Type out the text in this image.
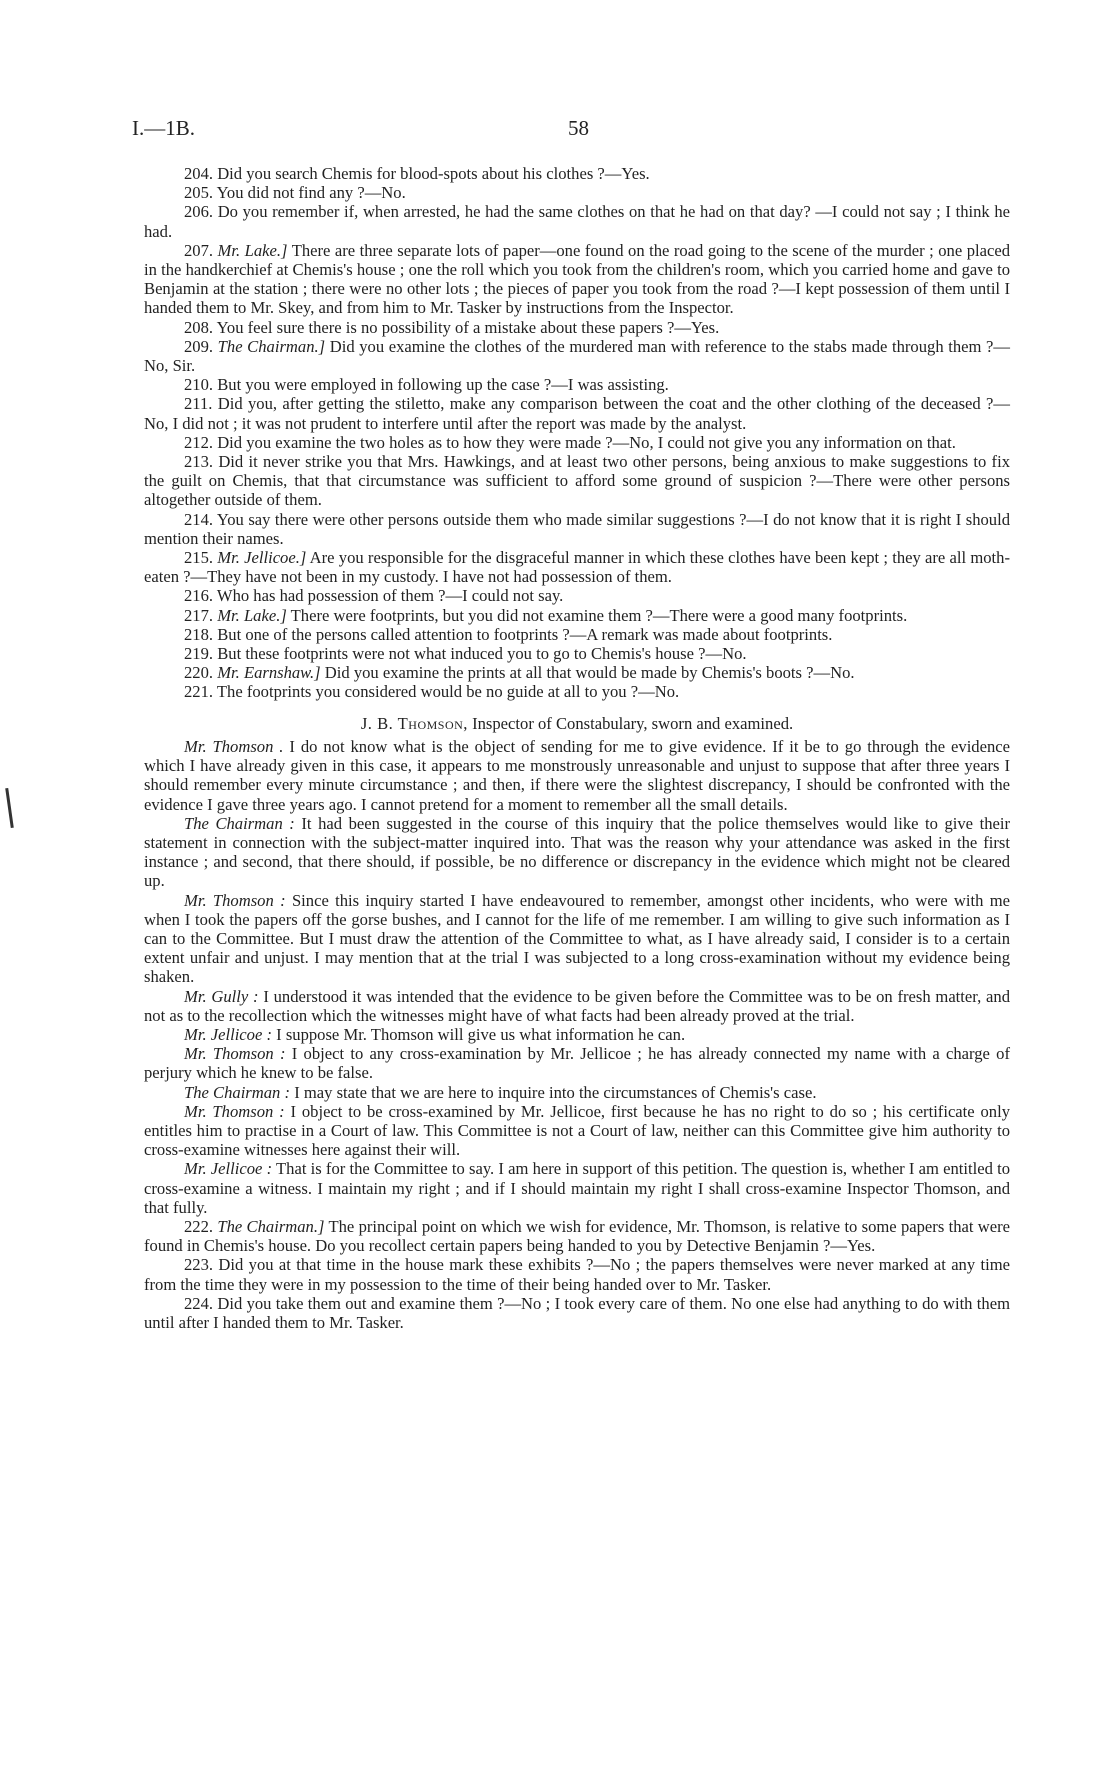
I.—1B.	58

204. Did you search Chemis for blood-spots about his clothes ?—Yes.

205. You did not find any ?—No.

206. Do you remember if, when arrested, he had the same clothes on that he had on that day? —I could not say ; I think he had.

207. Mr. Lake.] There are three separate lots of paper—one found on the road going to the scene of the murder ; one placed in the handkerchief at Chemis's house ; one the roll which you took from the children's room, which you carried home and gave to Benjamin at the station ; there were no other lots ; the pieces of paper you took from the road ?—I kept possession of them until I handed them to Mr. Skey, and from him to Mr. Tasker by instructions from the Inspector.

208. You feel sure there is no possibility of a mistake about these papers ?—Yes.

209. The Chairman.] Did you examine the clothes of the murdered man with reference to the stabs made through them ?—No, Sir.

210. But you were employed in following up the case ?—I was assisting.

211. Did you, after getting the stiletto, make any comparison between the coat and the other clothing of the deceased ?—No, I did not ; it was not prudent to interfere until after the report was made by the analyst.

212. Did you examine the two holes as to how they were made ?—No, I could not give you any information on that.

213. Did it never strike you that Mrs. Hawkings, and at least two other persons, being anxious to make suggestions to fix the guilt on Chemis, that that circumstance was sufficient to afford some ground of suspicion ?—There were other persons altogether outside of them.

214. You say there were other persons outside them who made similar suggestions ?—I do not know that it is right I should mention their names.

215. Mr. Jellicoe.] Are you responsible for the disgraceful manner in which these clothes have been kept ; they are all moth-eaten ?—They have not been in my custody. I have not had possession of them.

216. Who has had possession of them ?—I could not say.

217. Mr. Lake.] There were footprints, but you did not examine them ?—There were a good many footprints.

218. But one of the persons called attention to footprints ?—A remark was made about footprints.

219. But these footprints were not what induced you to go to Chemis's house ?—No.

220. Mr. Earnshaw.] Did you examine the prints at all that would be made by Chemis's boots ?—No.

221. The footprints you considered would be no guide at all to you ?—No.

J. B. Thomson, Inspector of Constabulary, sworn and examined.

Mr. Thomson . I do not know what is the object of sending for me to give evidence. If it be to go through the evidence which I have already given in this case, it appears to me monstrously unreasonable and unjust to suppose that after three years I should remember every minute circumstance ; and then, if there were the slightest discrepancy, I should be confronted with the evidence I gave three years ago. I cannot pretend for a moment to remember all the small details.

The Chairman : It had been suggested in the course of this inquiry that the police themselves would like to give their statement in connection with the subject-matter inquired into. That was the reason why your attendance was asked in the first instance ; and second, that there should, if possible, be no difference or discrepancy in the evidence which might not be cleared up.

Mr. Thomson : Since this inquiry started I have endeavoured to remember, amongst other incidents, who were with me when I took the papers off the gorse bushes, and I cannot for the life of me remember. I am willing to give such information as I can to the Committee. But I must draw the attention of the Committee to what, as I have already said, I consider is to a certain extent unfair and unjust. I may mention that at the trial I was subjected to a long cross-examination without my evidence being shaken.

Mr. Gully : I understood it was intended that the evidence to be given before the Committee was to be on fresh matter, and not as to the recollection which the witnesses might have of what facts had been already proved at the trial.

Mr. Jellicoe : I suppose Mr. Thomson will give us what information he can.

Mr. Thomson : I object to any cross-examination by Mr. Jellicoe ; he has already connected my name with a charge of perjury which he knew to be false.

The Chairman : I may state that we are here to inquire into the circumstances of Chemis's case.

Mr. Thomson : I object to be cross-examined by Mr. Jellicoe, first because he has no right to do so ; his certificate only entitles him to practise in a Court of law. This Committee is not a Court of law, neither can this Committee give him authority to cross-examine witnesses here against their will.

Mr. Jellicoe : That is for the Committee to say. I am here in support of this petition. The question is, whether I am entitled to cross-examine a witness. I maintain my right ; and if I should maintain my right I shall cross-examine Inspector Thomson, and that fully.

222. The Chairman.] The principal point on which we wish for evidence, Mr. Thomson, is relative to some papers that were found in Chemis's house. Do you recollect certain papers being handed to you by Detective Benjamin ?—Yes.

223. Did you at that time in the house mark these exhibits ?—No ; the papers themselves were never marked at any time from the time they were in my possession to the time of their being handed over to Mr. Tasker.

224. Did you take them out and examine them ?—No ; I took every care of them. No one else had anything to do with them until after I handed them to Mr. Tasker.
